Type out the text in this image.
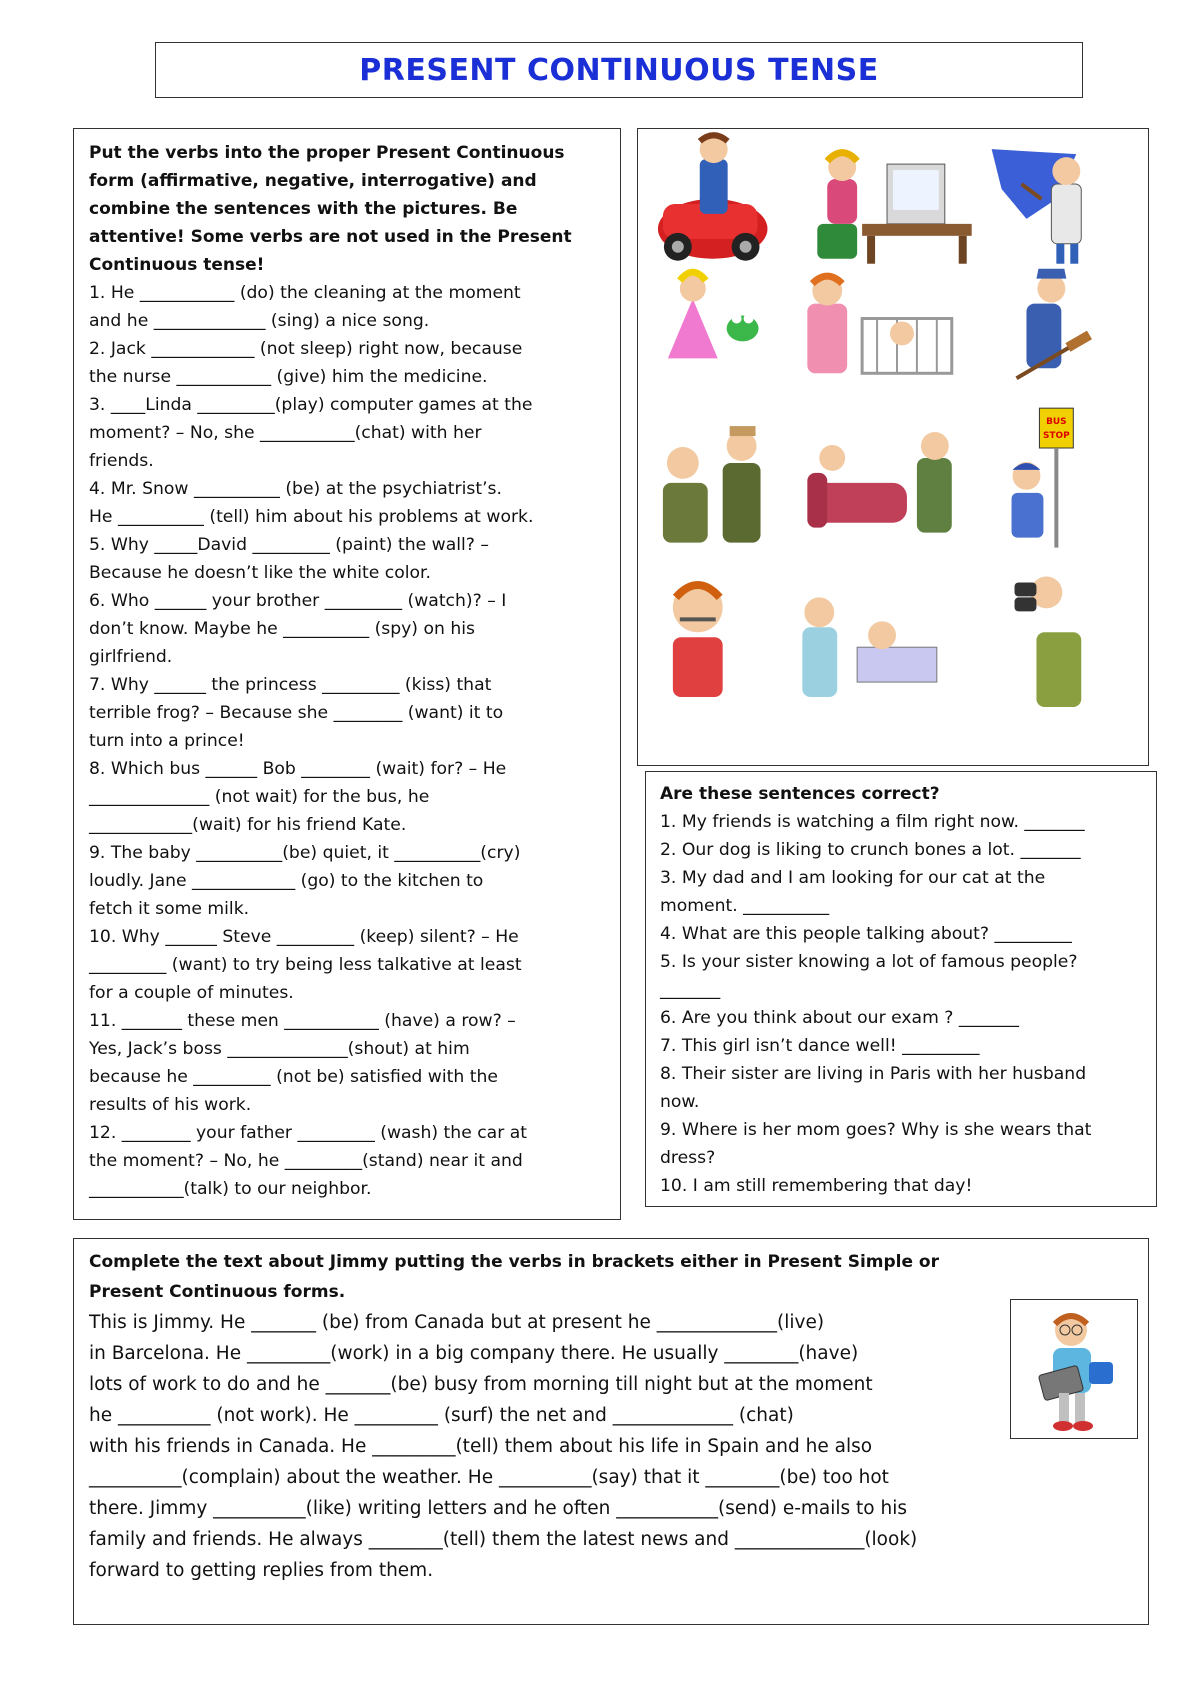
PRESENT CONTINUOUS TENSE

Put the verbs into the proper Present Continuous
form (affirmative, negative, interrogative) and
combine the sentences with the pictures. Be
attentive! Some verbs are not used in the Present
Continuous tense!

1. He ___________ (do) the cleaning at the moment
and he _____________ (sing) a nice song.
2. Jack ____________ (not sleep) right now, because
the nurse ___________ (give) him the medicine.
3. ____Linda _________(play) computer games at the
moment? – No, she ___________(chat) with her
friends.
4. Mr. Snow __________ (be) at the psychiatrist’s.
He __________ (tell) him about his problems at work.
5. Why _____David _________ (paint) the wall? –
Because he doesn’t like the white color.
6. Who ______ your brother _________ (watch)? – I
don’t know. Maybe he __________ (spy) on his
girlfriend.
7. Why ______ the princess _________ (kiss) that
terrible frog? – Because she ________ (want) it to
turn into a prince!
8. Which bus ______ Bob ________ (wait) for? – He
______________ (not wait) for the bus, he
____________(wait) for his friend Kate.
9. The baby __________(be) quiet, it __________(cry)
loudly. Jane ____________ (go) to the kitchen to
fetch it some milk.
10. Why ______ Steve _________ (keep) silent? – He
_________ (want) to try being less talkative at least
for a couple of minutes.
11. _______ these men ___________ (have) a row? –
Yes, Jack’s boss ______________(shout) at him
because he _________ (not be) satisfied with the
results of his work.
12. ________ your father _________ (wash) the car at
the moment? – No, he _________(stand) near it and
___________(talk) to our neighbor.
BUS
STOP

Are these sentences correct?

1. My friends is watching a film right now. _______
2. Our dog is liking to crunch bones a lot. _______
3. My dad and I am looking for our cat at the
moment. __________
4. What are this people talking about? _________
5. Is your sister knowing a lot of famous people?
_______
6. Are you think about our exam ? _______
7. This girl isn’t dance well! _________
8. Their sister are living in Paris with her husband
now.
9. Where is her mom goes? Why is she wears that
dress?
10. I am still remembering that day!

Complete the text about Jimmy putting the verbs in brackets either in Present Simple or
Present Continuous forms.

This is Jimmy. He _______ (be) from Canada but at present he _____________(live)
in Barcelona. He _________(work) in a big company there. He usually ________(have)
lots of work to do and he _______(be) busy from morning till night but at the moment
he __________ (not work). He _________ (surf) the net and _____________ (chat)
with his friends in Canada. He _________(tell) them about his life in Spain and he also
__________(complain) about the weather. He __________(say) that it ________(be) too hot
there. Jimmy __________(like) writing letters and he often ___________(send) e-mails to his
family and friends. He always ________(tell) them the latest news and ______________(look)
forward to getting replies from them.
